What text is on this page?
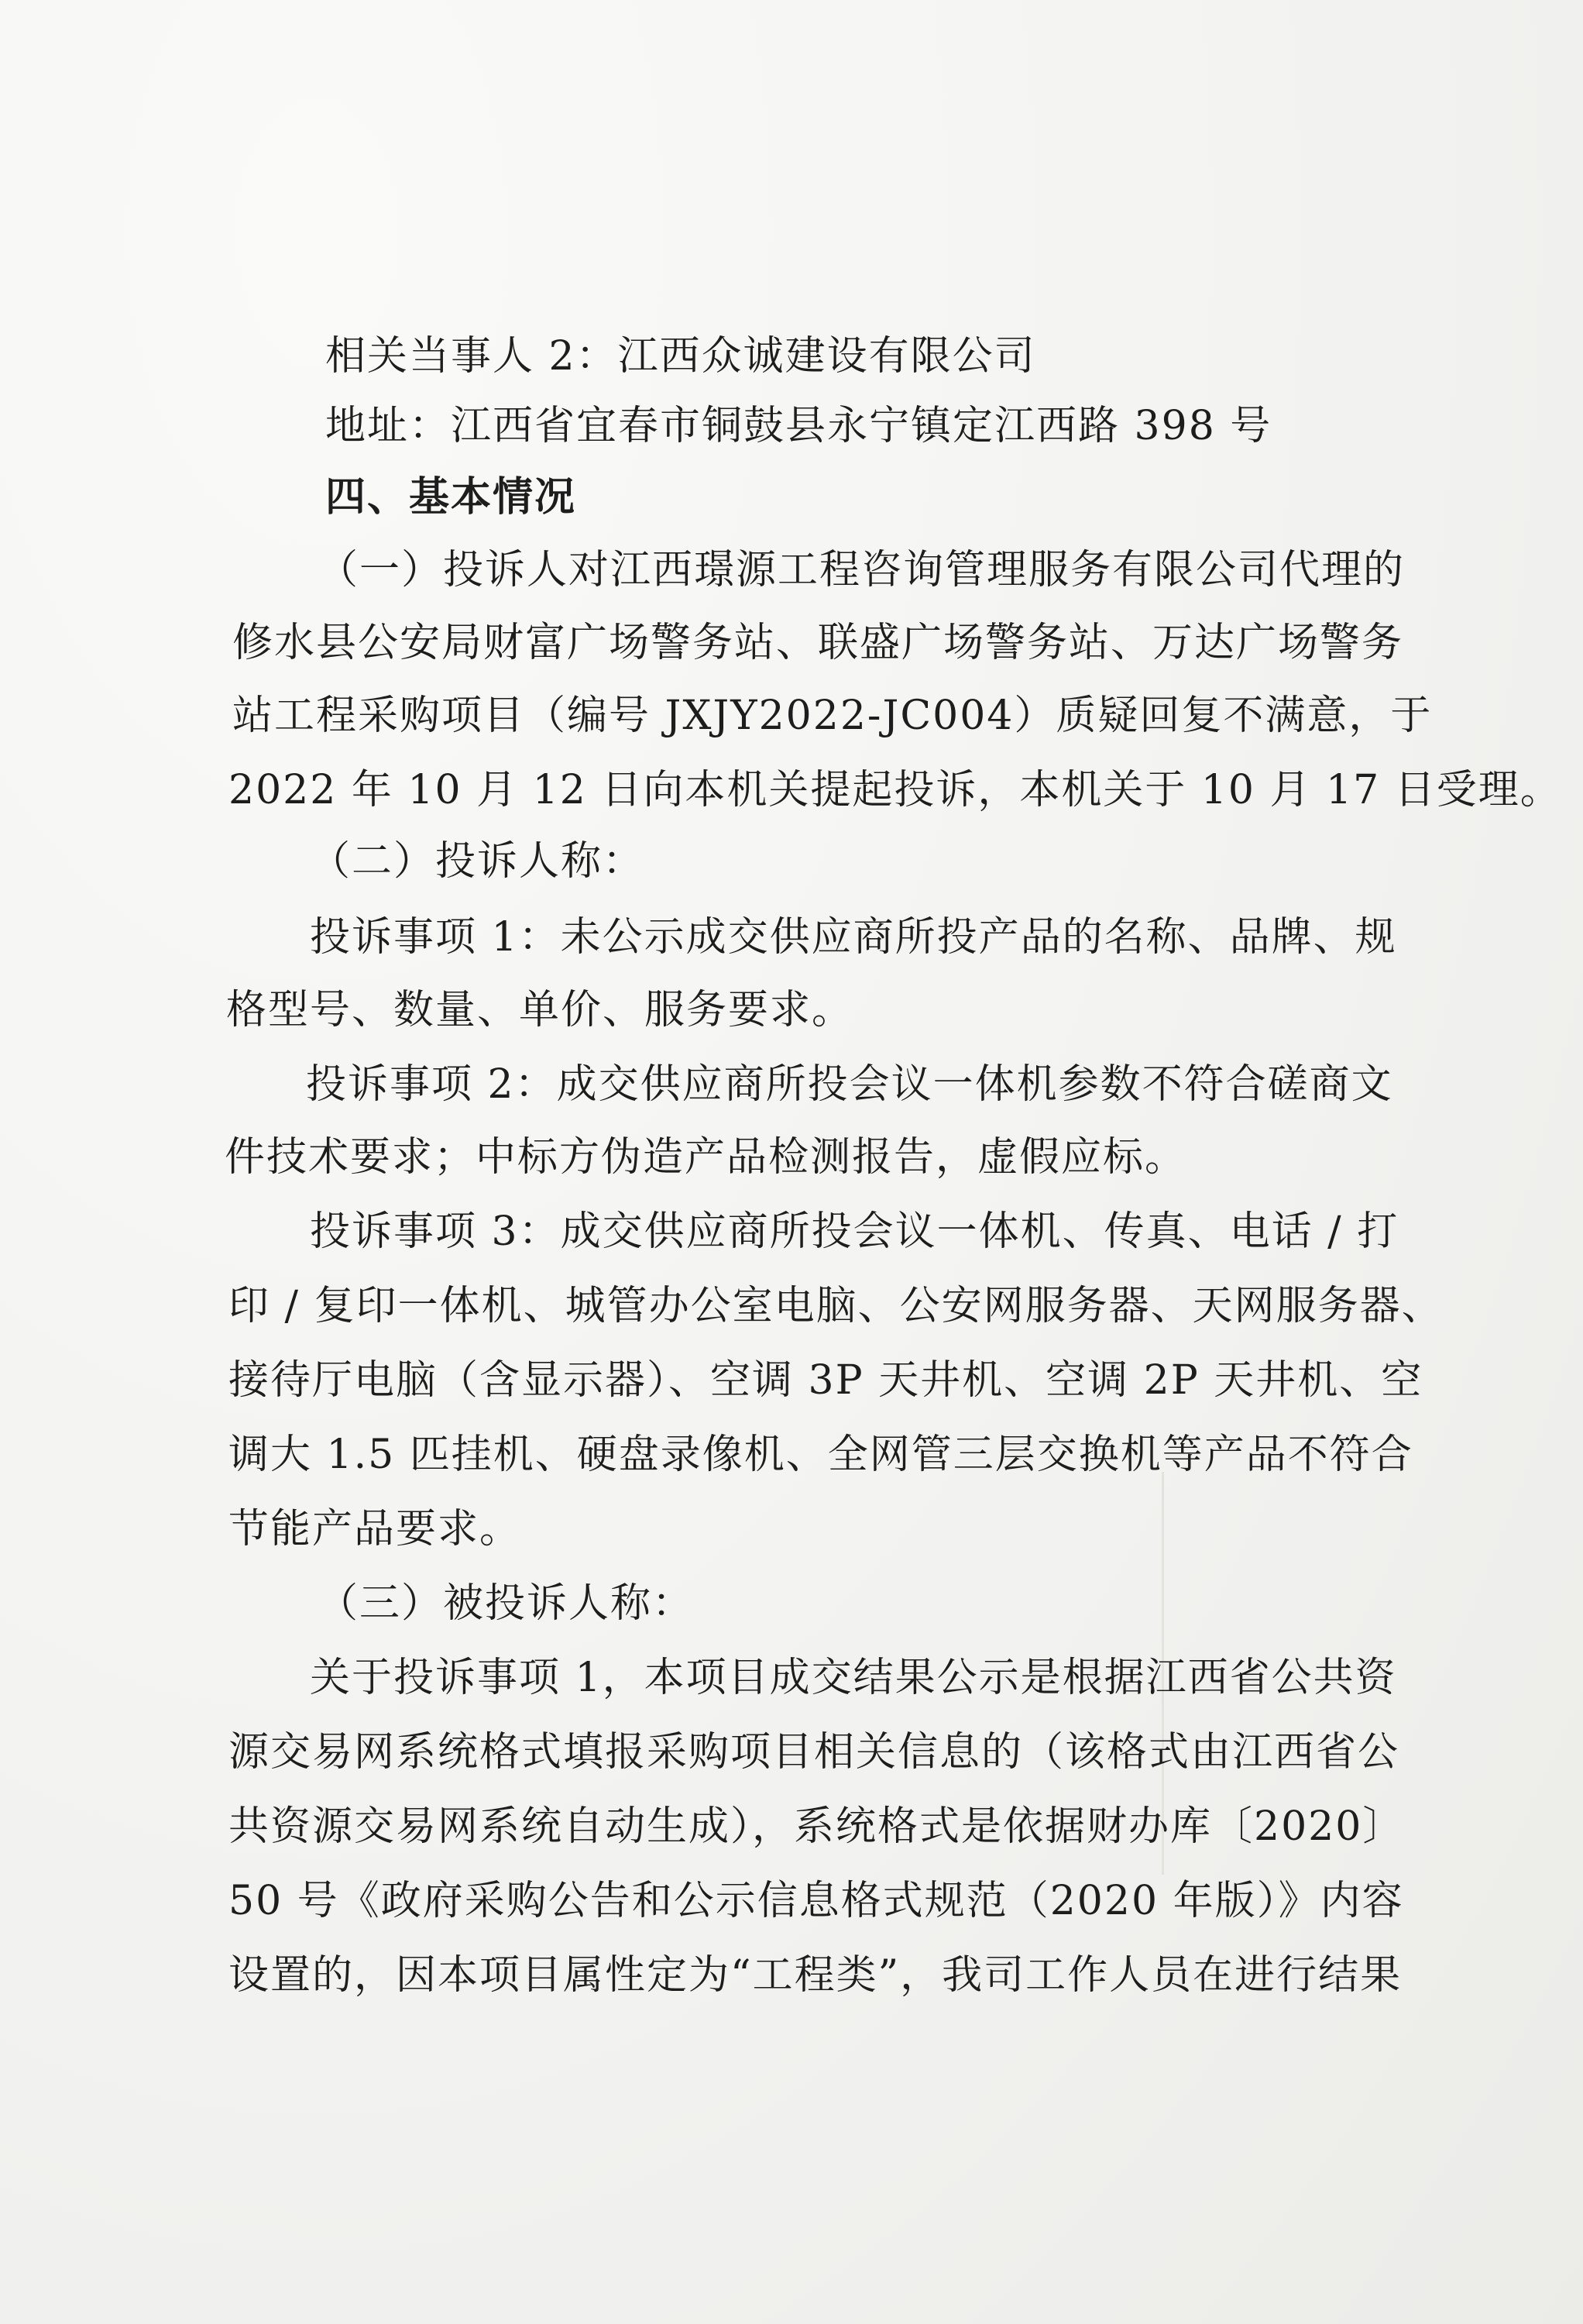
相关当事人 2：江西众诚建设有限公司
地址：江西省宜春市铜鼓县永宁镇定江西路 398 号
四、基本情况
（一）投诉人对江西璟源工程咨询管理服务有限公司代理的
修水县公安局财富广场警务站、联盛广场警务站、万达广场警务
站工程采购项目（编号 JXJY2022-JC004）质疑回复不满意，于
2022 年 10 月 12 日向本机关提起投诉，本机关于 10 月 17 日受理。
（二）投诉人称：
投诉事项 1：未公示成交供应商所投产品的名称、品牌、规
格型号、数量、单价、服务要求。
投诉事项 2：成交供应商所投会议一体机参数不符合磋商文
件技术要求；中标方伪造产品检测报告，虚假应标。
投诉事项 3：成交供应商所投会议一体机、传真、电话 / 打
印 / 复印一体机、城管办公室电脑、公安网服务器、天网服务器、
接待厅电脑（含显示器）、空调 3P 天井机、空调 2P 天井机、空
调大 1.5 匹挂机、硬盘录像机、全网管三层交换机等产品不符合
节能产品要求。
（三）被投诉人称：
关于投诉事项 1，本项目成交结果公示是根据江西省公共资
源交易网系统格式填报采购项目相关信息的（该格式由江西省公
共资源交易网系统自动生成），系统格式是依据财办库〔2020〕
50 号《政府采购公告和公示信息格式规范（2020 年版）》内容
设置的，因本项目属性定为“工程类”，我司工作人员在进行结果
